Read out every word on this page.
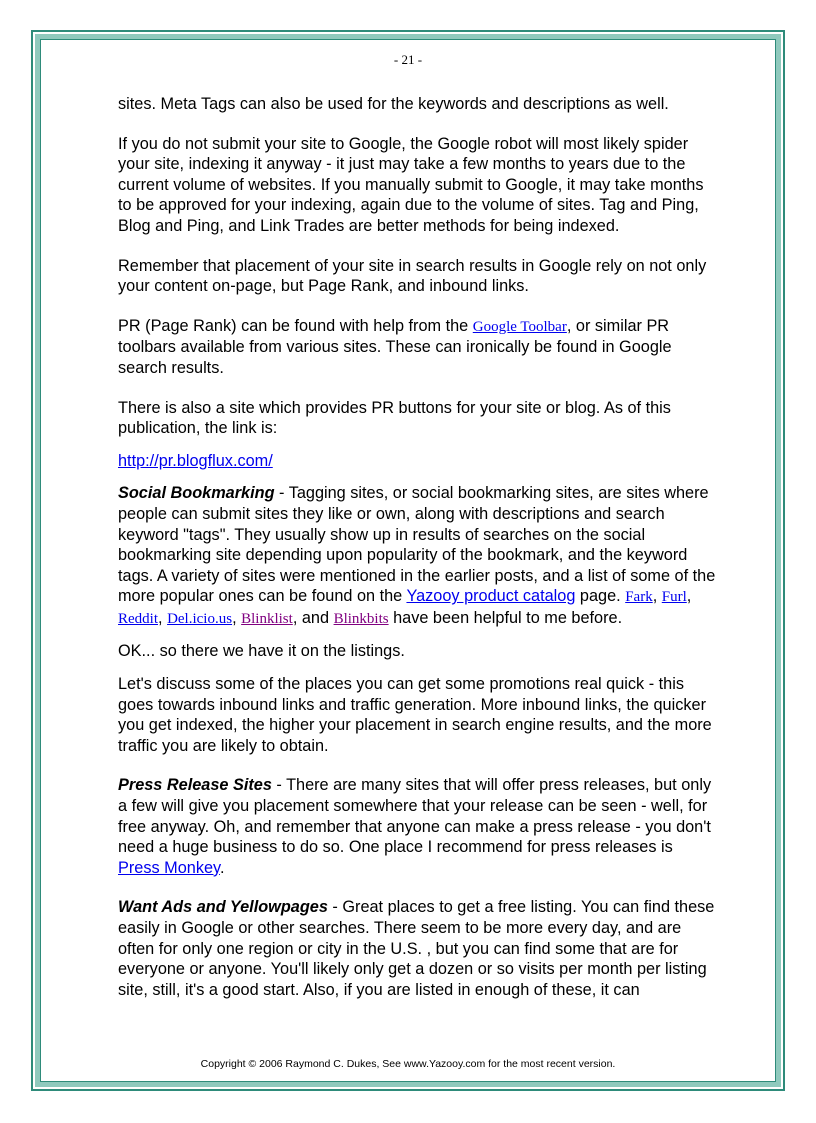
- 21 -

sites. Meta Tags can also be used for the keywords and descriptions as well.

If you do not submit your site to Google, the Google robot will most likely spider your site, indexing it anyway - it just may take a few months to years due to the current volume of websites. If you manually submit to Google, it may take months to be approved for your indexing, again due to the volume of sites. Tag and Ping, Blog and Ping, and Link Trades are better methods for being indexed.

Remember that placement of your site in search results in Google rely on not only your content on-page, but Page Rank, and inbound links.

PR (Page Rank) can be found with help from the Google Toolbar, or similar PR toolbars available from various sites. These can ironically be found in Google search results.

There is also a site which provides PR buttons for your site or blog. As of this publication, the link is:

http://pr.blogflux.com/

Social Bookmarking - Tagging sites, or social bookmarking sites, are sites where people can submit sites they like or own, along with descriptions and search keyword "tags". They usually show up in results of searches on the social bookmarking site depending upon popularity of the bookmark, and the keyword tags. A variety of sites were mentioned in the earlier posts, and a list of some of the more popular ones can be found on the Yazooy product catalog page. Fark, Furl, Reddit, Del.icio.us, Blinklist, and Blinkbits have been helpful to me before.

OK... so there we have it on the listings.

Let's discuss some of the places you can get some promotions real quick - this goes towards inbound links and traffic generation. More inbound links, the quicker you get indexed, the higher your placement in search engine results, and the more traffic you are likely to obtain.

Press Release Sites - There are many sites that will offer press releases, but only a few will give you placement somewhere that your release can be seen - well, for free anyway. Oh, and remember that anyone can make a press release - you don't need a huge business to do so. One place I recommend for press releases is Press Monkey.

Want Ads and Yellowpages - Great places to get a free listing. You can find these easily in Google or other searches. There seem to be more every day, and are often for only one region or city in the U.S. , but you can find some that are for everyone or anyone. You'll likely only get a dozen or so visits per month per listing site, still, it's a good start. Also, if you are listed in enough of these, it can

Copyright © 2006 Raymond C. Dukes, See www.Yazooy.com for the most recent version.
